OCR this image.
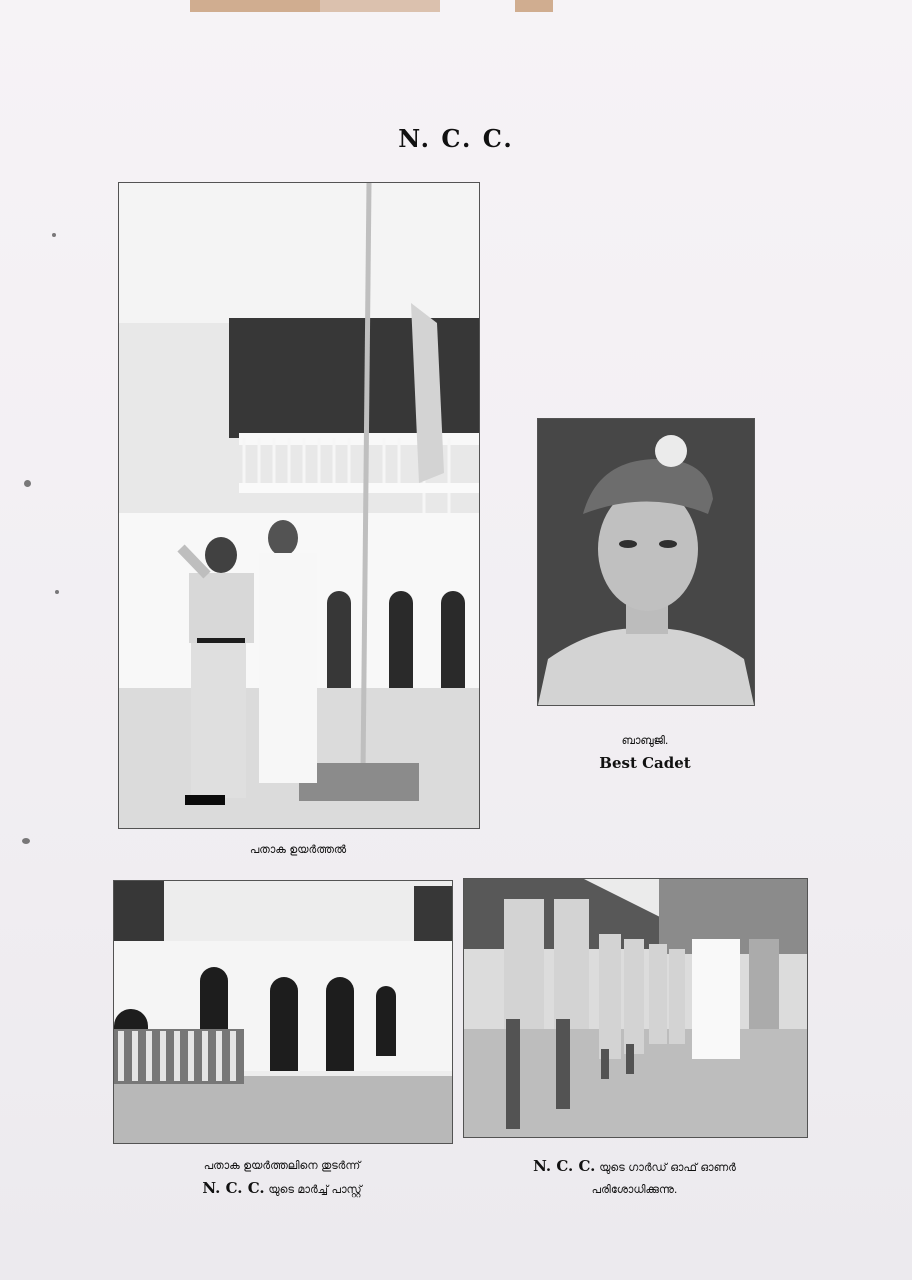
N. C. C.
പതാക ഉയർത്തൽ
ബാബുജി.
Best Cadet
പതാക ഉയർത്തലിനെ തുടർന്ന്
N. C. C. യുടെ മാർച്ച് പാസ്റ്റ്
N. C. C. യുടെ ഗാർഡ് ഓഫ് ഓണർ
പരിശോധിക്കുന്നു.
